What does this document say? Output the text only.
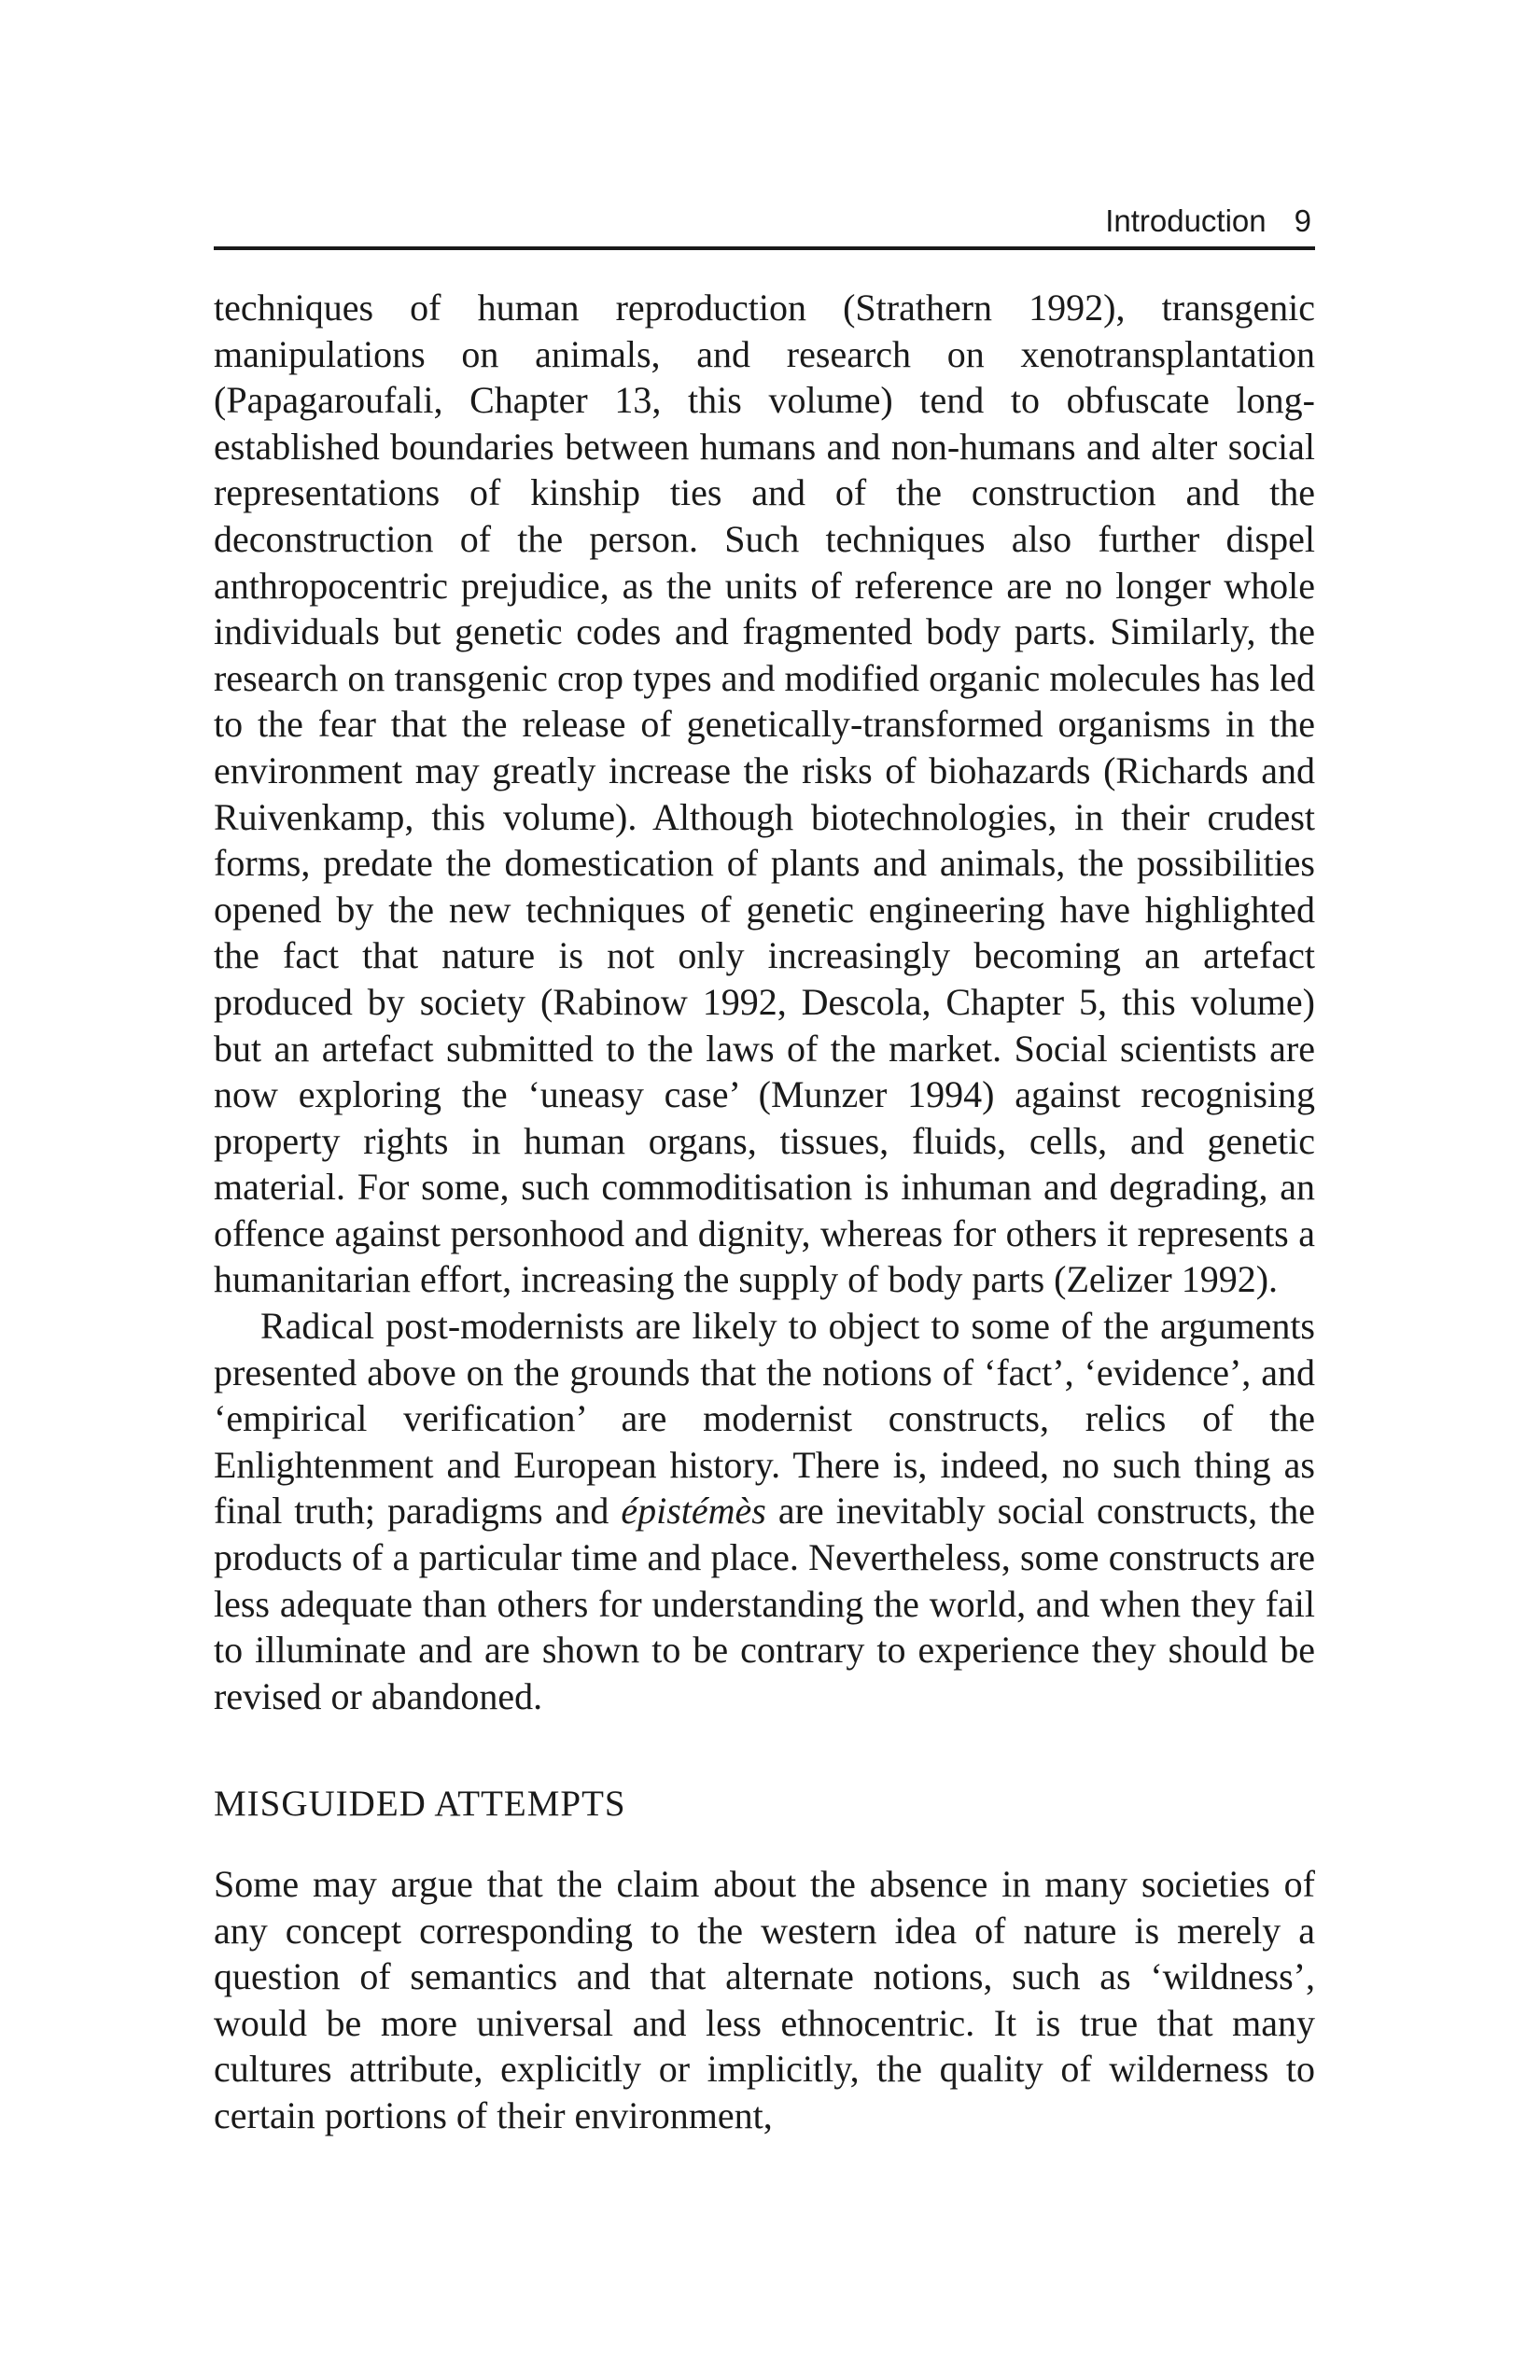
Introduction 9

techniques of human reproduction (Strathern 1992), transgenic manipulations on animals, and research on xenotransplantation (Papagaroufali, Chapter 13, this volume) tend to obfuscate long-established boundaries between humans and non-humans and alter social representations of kinship ties and of the construction and the deconstruction of the person. Such techniques also further dispel anthropocentric prejudice, as the units of reference are no longer whole individuals but genetic codes and fragmented body parts. Similarly, the research on transgenic crop types and modified organic molecules has led to the fear that the release of genetically-transformed organisms in the environment may greatly increase the risks of biohazards (Richards and Ruivenkamp, this volume). Although biotechnologies, in their crudest forms, predate the domestication of plants and animals, the possibilities opened by the new techniques of genetic engineering have highlighted the fact that nature is not only increasingly becoming an artefact produced by society (Rabinow 1992, Descola, Chapter 5, this volume) but an artefact submitted to the laws of the market. Social scientists are now exploring the ‘uneasy case’ (Munzer 1994) against recognising property rights in human organs, tissues, fluids, cells, and genetic material. For some, such commoditisation is inhuman and degrading, an offence against personhood and dignity, whereas for others it represents a humanitarian effort, increasing the supply of body parts (Zelizer 1992).

Radical post-modernists are likely to object to some of the arguments presented above on the grounds that the notions of ‘fact’, ‘evidence’, and ‘empirical verification’ are modernist constructs, relics of the Enlightenment and European history. There is, indeed, no such thing as final truth; paradigms and épistémès are inevitably social constructs, the products of a particular time and place. Nevertheless, some constructs are less adequate than others for understanding the world, and when they fail to illuminate and are shown to be contrary to experience they should be revised or abandoned.

MISGUIDED ATTEMPTS

Some may argue that the claim about the absence in many societies of any concept corresponding to the western idea of nature is merely a question of semantics and that alternate notions, such as ‘wildness’, would be more universal and less ethnocentric. It is true that many cultures attribute, explicitly or implicitly, the quality of wilderness to certain portions of their environment,
